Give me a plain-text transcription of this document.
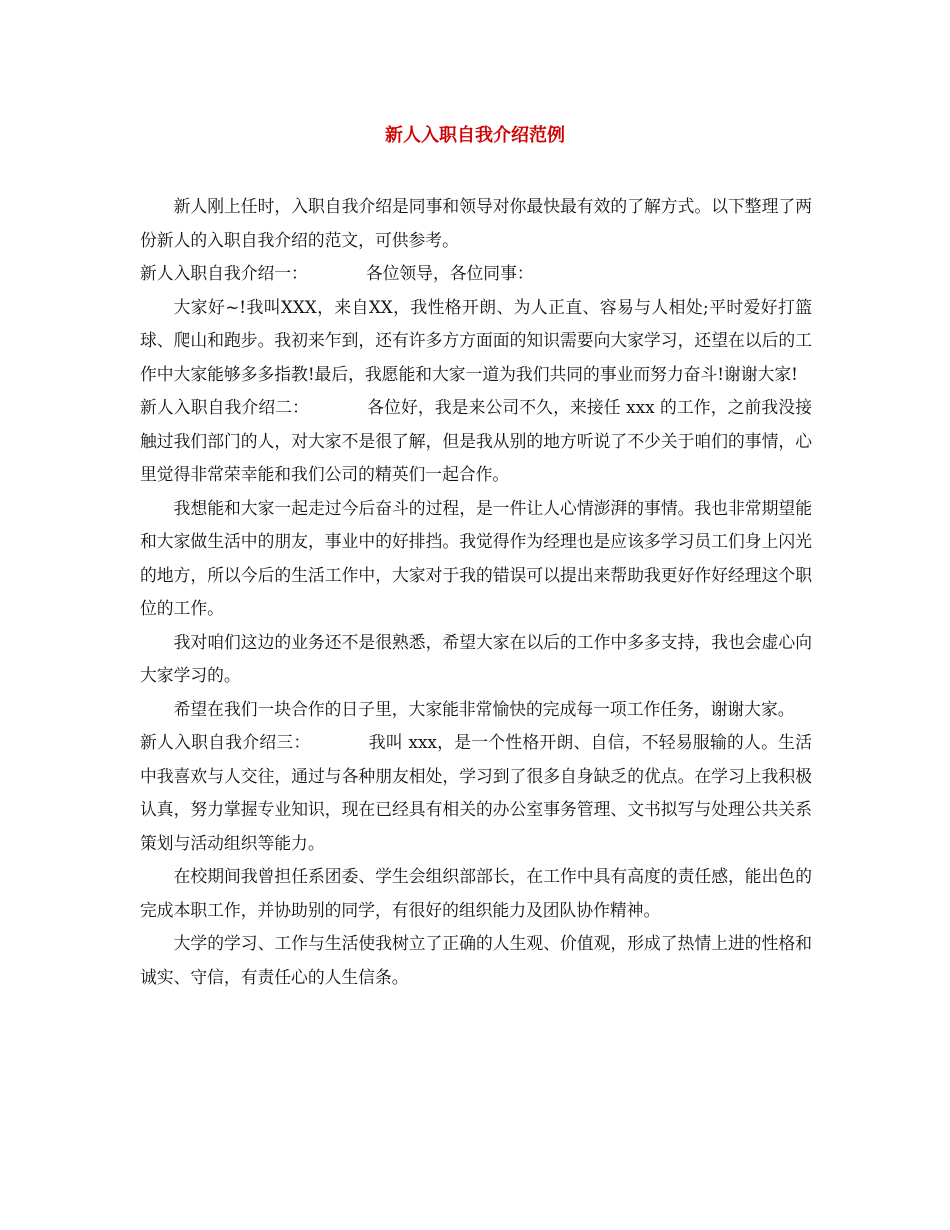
新人入职自我介绍范例

新人刚上任时，入职自我介绍是同事和领导对你最快最有效的了解方式。以下整理了两份新人的入职自我介绍的范文，可供参考。

新人入职自我介绍一：	各位领导，各位同事：

大家好~!我叫XXX，来自XX，我性格开朗、为人正直、容易与人相处;平时爱好打篮球、爬山和跑步。我初来乍到，还有许多方方面面的知识需要向大家学习，还望在以后的工作中大家能够多多指教!最后，我愿能和大家一道为我们共同的事业而努力奋斗!谢谢大家!

新人入职自我介绍二：	各位好，我是来公司不久，来接任 xxx 的工作，之前我没接触过我们部门的人，对大家不是很了解，但是我从别的地方听说了不少关于咱们的事情，心里觉得非常荣幸能和我们公司的精英们一起合作。

我想能和大家一起走过今后奋斗的过程，是一件让人心情澎湃的事情。我也非常期望能和大家做生活中的朋友，事业中的好排挡。我觉得作为经理也是应该多学习员工们身上闪光的地方，所以今后的生活工作中，大家对于我的错误可以提出来帮助我更好作好经理这个职位的工作。

我对咱们这边的业务还不是很熟悉，希望大家在以后的工作中多多支持，我也会虚心向大家学习的。

希望在我们一块合作的日子里，大家能非常愉快的完成每一项工作任务，谢谢大家。

新人入职自我介绍三：	我叫 xxx，是一个性格开朗、自信，不轻易服输的人。生活中我喜欢与人交往，通过与各种朋友相处，学习到了很多自身缺乏的优点。在学习上我积极认真，努力掌握专业知识，现在已经具有相关的办公室事务管理、文书拟写与处理公共关系策划与活动组织等能力。

在校期间我曾担任系团委、学生会组织部部长，在工作中具有高度的责任感，能出色的完成本职工作，并协助别的同学，有很好的组织能力及团队协作精神。

大学的学习、工作与生活使我树立了正确的人生观、价值观，形成了热情上进的性格和诚实、守信，有责任心的人生信条。
